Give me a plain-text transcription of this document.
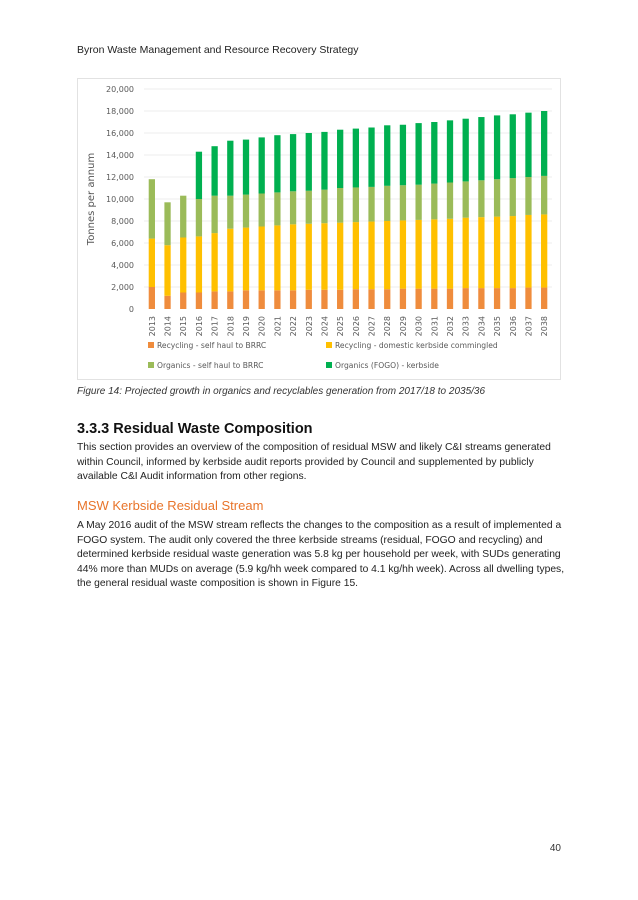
Byron Waste Management and Resource Recovery Strategy
Tonnes per annum
0
2,000
4,000
6,000
8,000
10,000
12,000
14,000
16,000
18,000
20,000
2013 2014 2015 2016 2017 2018 2019 2020 2021 2022 2023 2024 2025 2026 2027 2028 2029 2030 2031 2032 2033 2034 2035 2036 2037 2038
Recycling - self haul to BRRC	Recycling - domestic kerbside commingled
Organics - self haul to BRRC	Organics (FOGO) - kerbside
Figure 14: Projected growth in organics and recyclables generation from 2017/18 to 2035/36
3.3.3 Residual Waste Composition
This section provides an overview of the composition of residual MSW and likely C&I streams generated within Council, informed by kerbside audit reports provided by Council and supplemented by publicly available C&I Audit information from other regions.
MSW Kerbside Residual Stream
A May 2016 audit of the MSW stream reflects the changes to the composition as a result of implemented a FOGO system. The audit only covered the three kerbside streams (residual, FOGO and recycling) and determined kerbside residual waste generation was 5.8 kg per household per week, with SUDs generating 44% more than MUDs on average (5.9 kg/hh week compared to 4.1 kg/hh week). Across all dwelling types, the general residual waste composition is shown in Figure 15.
40
